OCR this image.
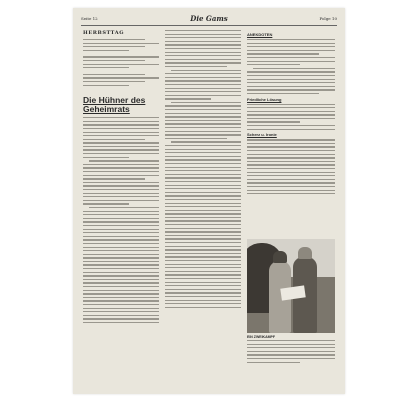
Seite 12	Die Gams	Folge 10
HERBSTTAG

Die Hühner des Geheimrats
ANEKDOTEN
Friedliche Lösung
Scherz u. Ironie
EIN ZWEIKAMPF
